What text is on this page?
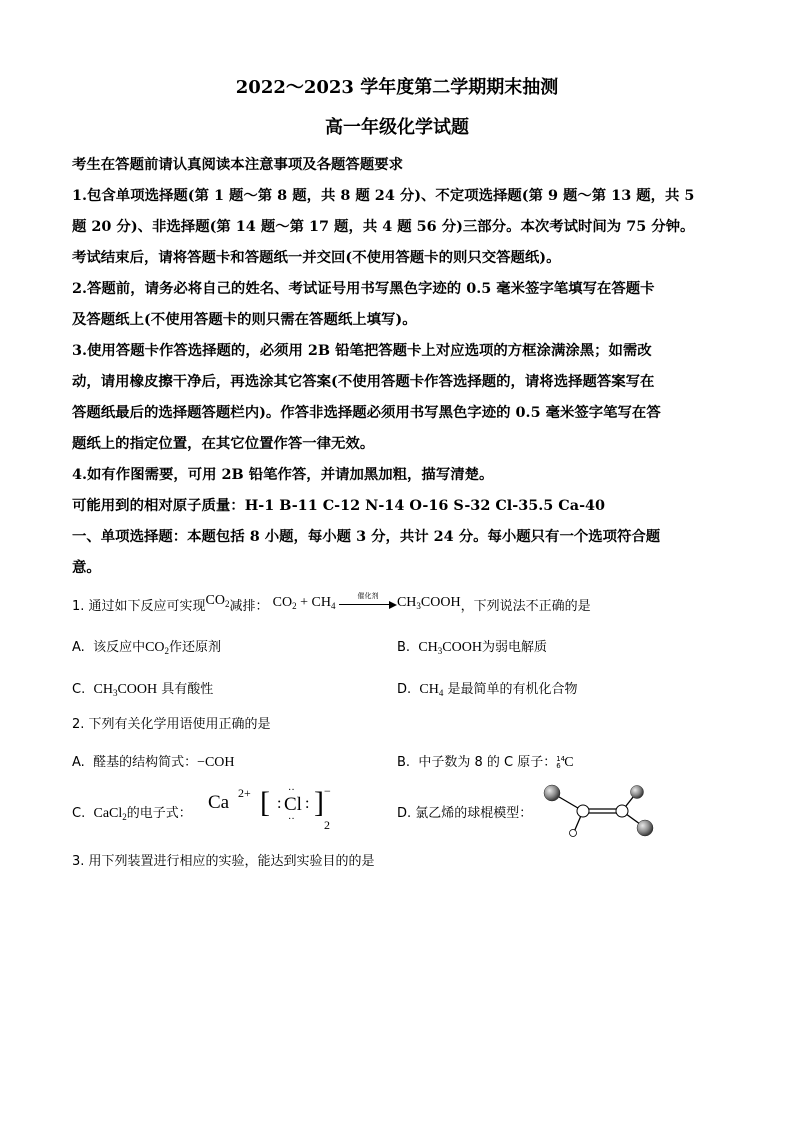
2022～2023 学年度第二学期期末抽测
高一年级化学试题
考生在答题前请认真阅读本注意事项及各题答题要求
1.包含单项选择题(第 1 题～第 8 题，共 8 题 24 分)、不定项选择题(第 9 题～第 13 题，共 5
题 20 分)、非选择题(第 14 题～第 17 题，共 4 题 56 分)三部分。本次考试时间为 75 分钟。
考试结束后，请将答题卡和答题纸一并交回(不使用答题卡的则只交答题纸)。
2.答题前，请务必将自己的姓名、考试证号用书写黑色字迹的 0.5 毫米签字笔填写在答题卡
及答题纸上(不使用答题卡的则只需在答题纸上填写)。
3.使用答题卡作答选择题的，必须用 2B 铅笔把答题卡上对应选项的方框涂满涂黑；如需改
动，请用橡皮擦干净后，再选涂其它答案(不使用答题卡作答选择题的，请将选择题答案写在
答题纸最后的选择题答题栏内)。作答非选择题必须用书写黑色字迹的 0.5 毫米签字笔写在答
题纸上的指定位置，在其它位置作答一律无效。
4.如有作图需要，可用 2B 铅笔作答，并请加黑加粗，描写清楚。
可能用到的相对原子质量：H-1 B-11 C-12 N-14 O-16 S-32 Cl-35.5 Ca-40
一、单项选择题：本题包括 8 小题，每小题 3 分，共计 24 分。每小题只有一个选项符合题
意。
1. 通过如下反应可实现$CO_2$减排： $CO_2 + CH_4$
催化剂	$CH_3COOH$，下列说法不正确的是
A. 该反应中$CO_2$作还原剂	B. $CH_3COOH$为弱电解质
C. $CH_3COOH$ 具有酸性	D. $CH_4$ 是最简单的有机化合物
2. 下列有关化学用语使用正确的是
A. 醛基的结构简式：−COH	B. 中子数为 8 的 C 原子： 14
6 C
C. CaCl$_2$的电子式：
Ca 2+ [ Cl
··
··
: : ] −
2
D. 氯乙烯的球棍模型：
3. 用下列装置进行相应的实验，能达到实验目的的是
